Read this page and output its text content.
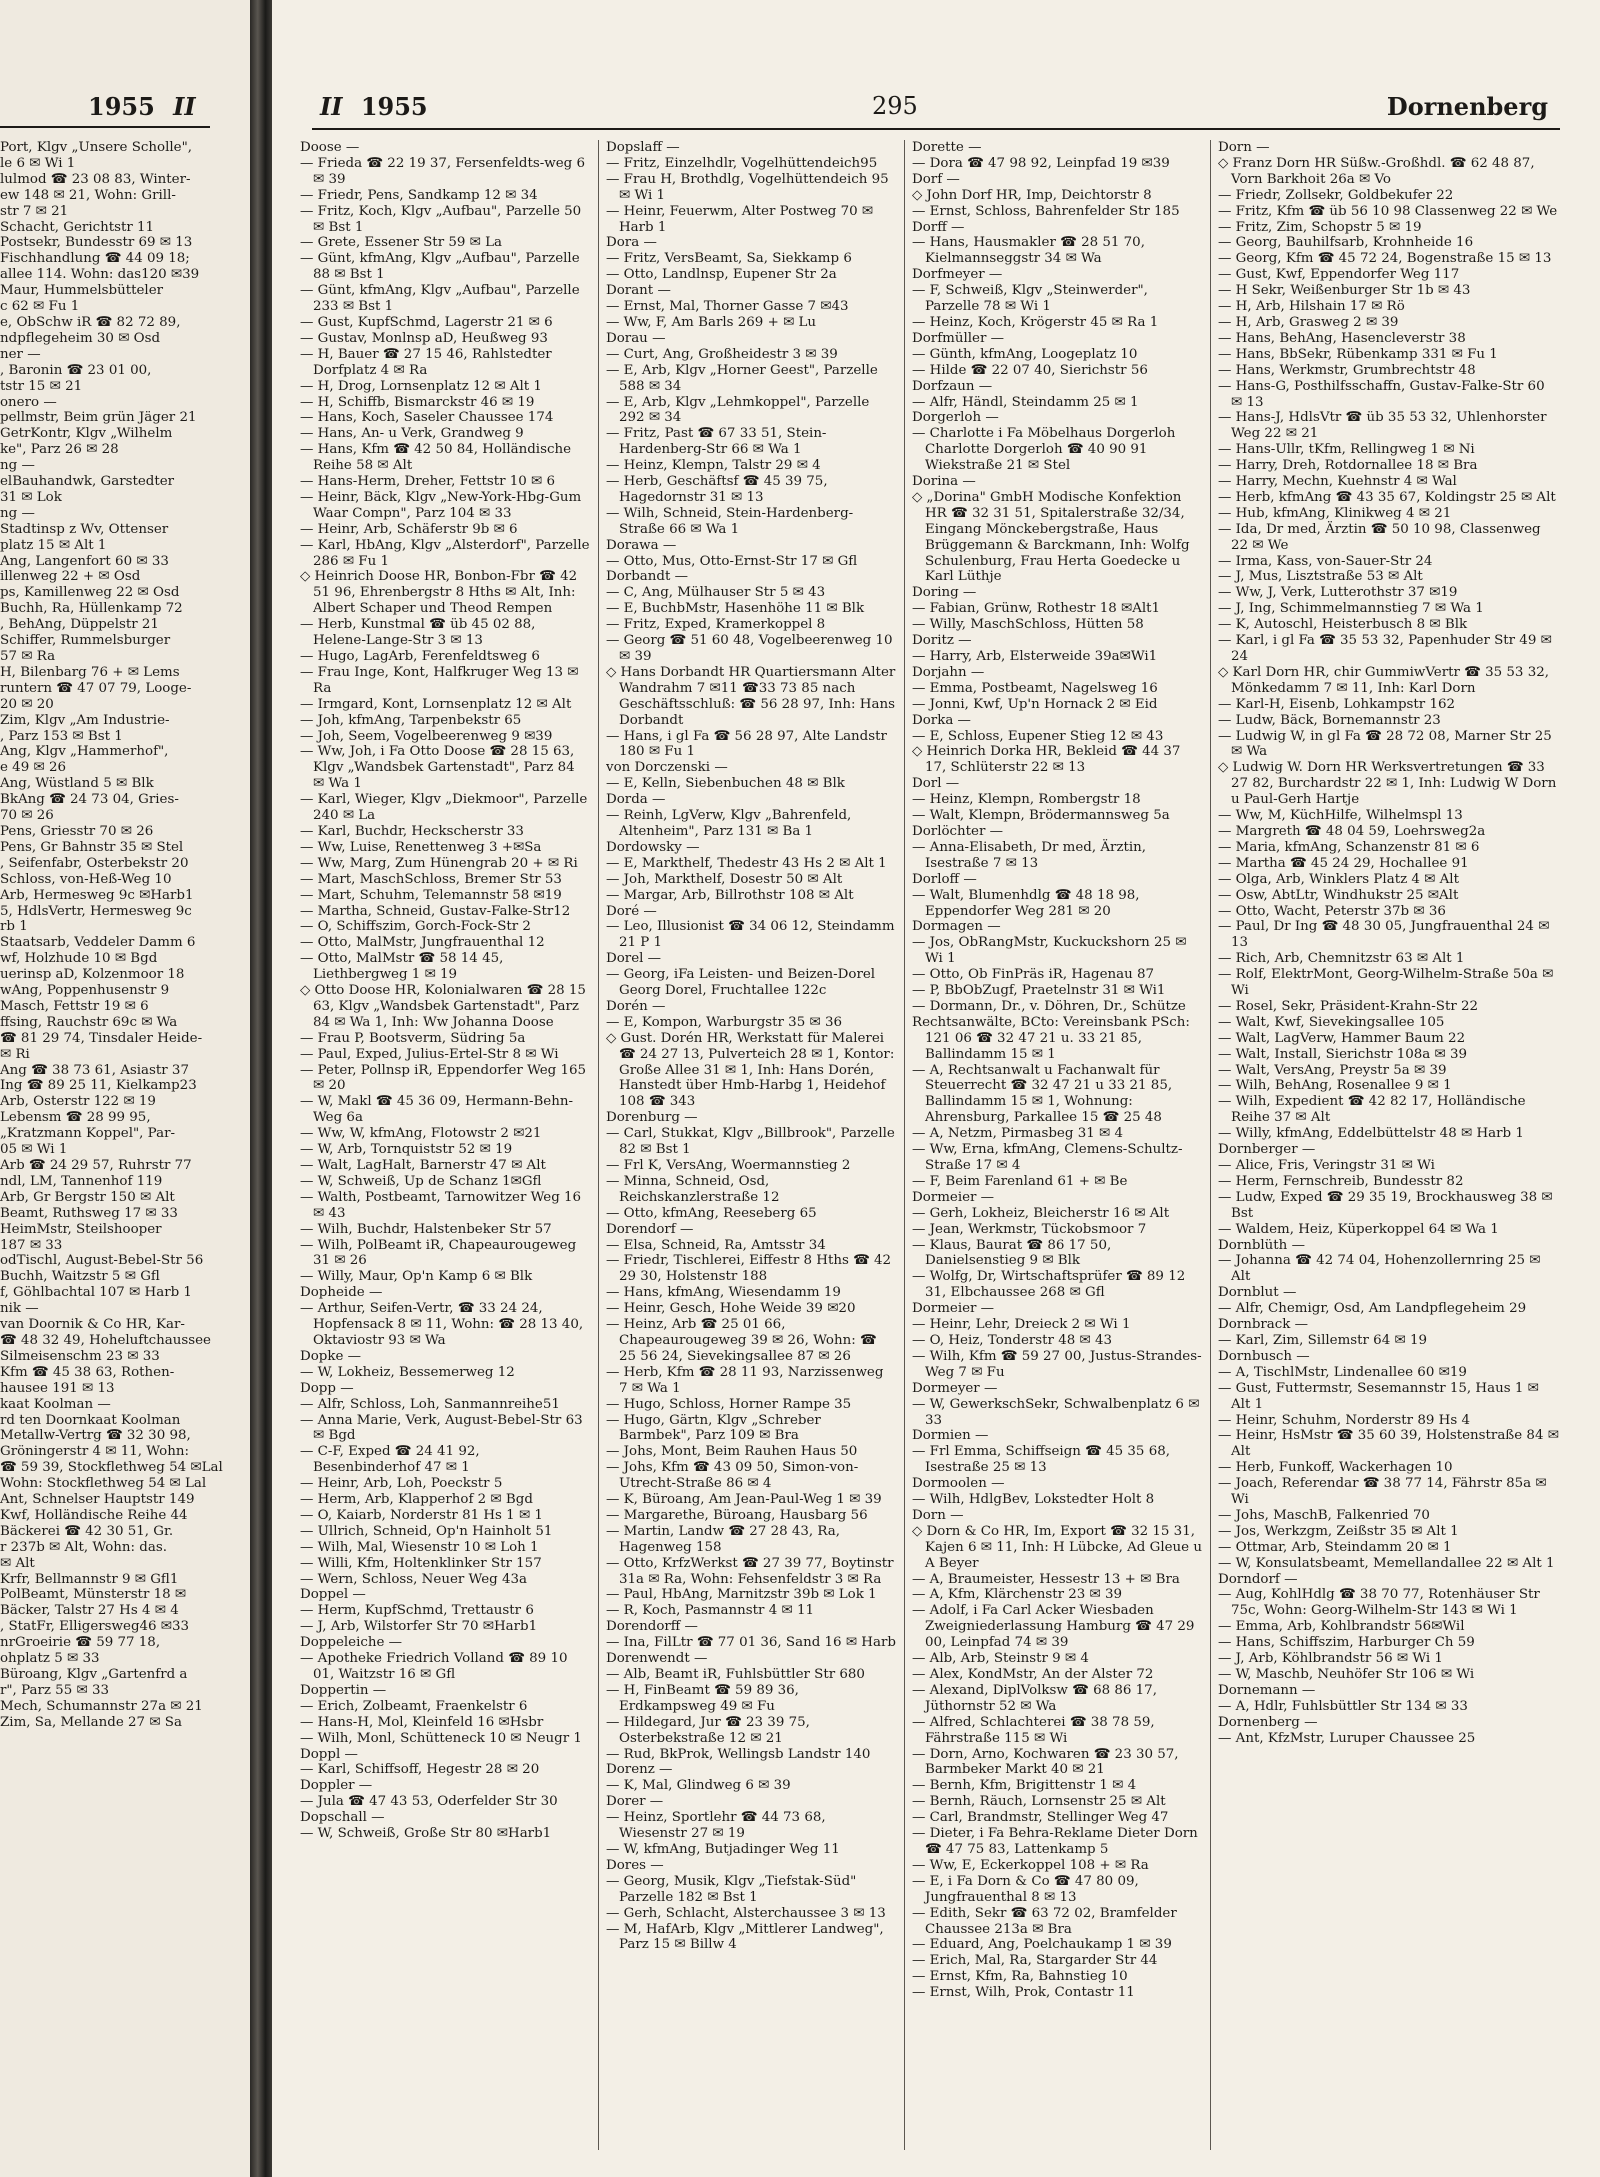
1955 II
Port, Klgv „Unsere Scholle",
le 6 ✉ Wi 1
lulmod ☎ 23 08 83, Winter-
ew 148 ✉ 21, Wohn: Grill-
str 7 ✉ 21
Schacht, Gerichtstr 11
Postsekr, Bundesstr 69 ✉ 13
Fischhandlung ☎ 44 09 18;
allee 114. Wohn: das120 ✉39
Maur, Hummelsbütteler
c 62 ✉ Fu 1
e, ObSchw iR ☎ 82 72 89,
ndpflegeheim 30 ✉ Osd
ner —
, Baronin ☎ 23 01 00,
tstr 15 ✉ 21
onero —
pellmstr, Beim grün Jäger 21
GetrKontr, Klgv „Wilhelm
ke", Parz 26 ✉ 28
ng —
elBauhandwk, Garstedter
31 ✉ Lok
ng —
Stadtinsp z Wv, Ottenser
platz 15 ✉ Alt 1
Ang, Langenfort 60 ✉ 33
illenweg 22 + ✉ Osd
ps, Kamillenweg 22 ✉ Osd
Buchh, Ra, Hüllenkamp 72
, BehAng, Düppelstr 21
Schiffer, Rummelsburger
57 ✉ Ra
H, Bilenbarg 76 + ✉ Lems
runtern ☎ 47 07 79, Looge-
20 ✉ 20
Zim, Klgv „Am Industrie-
, Parz 153 ✉ Bst 1
Ang, Klgv „Hammerhof",
e 49 ✉ 26
Ang, Wüstland 5 ✉ Blk
BkAng ☎ 24 73 04, Gries-
70 ✉ 26
Pens, Griesstr 70 ✉ 26
Pens, Gr Bahnstr 35 ✉ Stel
, Seifenfabr, Osterbekstr 20
Schloss, von-Heß-Weg 10
Arb, Hermesweg 9c ✉Harb1
5, HdlsVertr, Hermesweg 9c
rb 1
Staatsarb, Veddeler Damm 6
wf, Holzhude 10 ✉ Bgd
uerinsp aD, Kolzenmoor 18
wAng, Poppenhusenstr 9
Masch, Fettstr 19 ✉ 6
ffsing, Rauchstr 69c ✉ Wa
☎ 81 29 74, Tinsdaler Heide-
✉ Ri
Ang ☎ 38 73 61, Asiastr 37
Ing ☎ 89 25 11, Kielkamp23
Arb, Osterstr 122 ✉ 19
Lebensm ☎ 28 99 95,
„Kratzmann Koppel", Par-
05 ✉ Wi 1
Arb ☎ 24 29 57, Ruhrstr 77
ndl, LM, Tannenhof 119
Arb, Gr Bergstr 150 ✉ Alt
Beamt, Ruthsweg 17 ✉ 33
HeimMstr, Steilshooper
187 ✉ 33
odTischl, August-Bebel-Str 56
Buchh, Waitzstr 5 ✉ Gfl
f, Göhlbachtal 107 ✉ Harb 1
nik —
van Doornik & Co HR, Kar-
☎ 48 32 49, Hoheluftchaussee
Silmeisenschm 23 ✉ 33
Kfm ☎ 45 38 63, Rothen-
hausee 191 ✉ 13
kaat Koolman —
rd ten Doornkaat Koolman
Metallw-Vertrg ☎ 32 30 98,
Gröningerstr 4 ✉ 11, Wohn:
☎ 59 39, Stockflethweg 54 ✉Lal
Wohn: Stockflethweg 54 ✉ Lal
Ant, Schnelser Hauptstr 149
Kwf, Holländische Reihe 44
Bäckerei ☎ 42 30 51, Gr.
r 237b ✉ Alt, Wohn: das.
✉ Alt
Krfr, Bellmannstr 9 ✉ Gfl1
PolBeamt, Münsterstr 18 ✉
Bäcker, Talstr 27 Hs 4 ✉ 4
, StatFr, Elligersweg46 ✉33
nrGroeirie ☎ 59 77 18,
ohplatz 5 ✉ 33
Büroang, Klgv „Gartenfrd a
r", Parz 55 ✉ 33
Mech, Schumannstr 27a ✉ 21
Zim, Sa, Mellande 27 ✉ Sa
II 1955	295	Dornenberg
Doose —
— Frieda ☎ 22 19 37, Fersenfeldts-weg 6 ✉ 39
— Friedr, Pens, Sandkamp 12 ✉ 34
— Fritz, Koch, Klgv „Aufbau", Parzelle 50 ✉ Bst 1
— Grete, Essener Str 59 ✉ La
— Günt, kfmAng, Klgv „Aufbau", Parzelle 88 ✉ Bst 1
— Günt, kfmAng, Klgv „Aufbau", Parzelle 233 ✉ Bst 1
— Gust, KupfSchmd, Lagerstr 21 ✉ 6
— Gustav, Monlnsp aD, Heußweg 93
— H, Bauer ☎ 27 15 46, Rahlstedter Dorfplatz 4 ✉ Ra
— H, Drog, Lornsenplatz 12 ✉ Alt 1
— H, Schiffb, Bismarckstr 46 ✉ 19
— Hans, Koch, Saseler Chaussee 174
— Hans, An- u Verk, Grandweg 9
— Hans, Kfm ☎ 42 50 84, Holländische Reihe 58 ✉ Alt
— Hans-Herm, Dreher, Fettstr 10 ✉ 6
— Heinr, Bäck, Klgv „New-York-Hbg-Gum Waar Compn", Parz 104 ✉ 33
— Heinr, Arb, Schäferstr 9b ✉ 6
— Karl, HbAng, Klgv „Alsterdorf", Parzelle 286 ✉ Fu 1
◇ Heinrich Doose HR, Bonbon-Fbr ☎ 42 51 96, Ehrenbergstr 8 Hths ✉ Alt, Inh: Albert Schaper und Theod Rempen
— Herb, Kunstmal ☎ üb 45 02 88, Helene-Lange-Str 3 ✉ 13
— Hugo, LagArb, Ferenfeldtsweg 6
— Frau Inge, Kont, Halfkruger Weg 13 ✉ Ra
— Irmgard, Kont, Lornsenplatz 12 ✉ Alt
— Joh, kfmAng, Tarpenbekstr 65
— Joh, Seem, Vogelbeerenweg 9 ✉39
— Ww, Joh, i Fa Otto Doose ☎ 28 15 63, Klgv „Wandsbek Gartenstadt", Parz 84 ✉ Wa 1
— Karl, Wieger, Klgv „Diekmoor", Parzelle 240 ✉ La
— Karl, Buchdr, Heckscherstr 33
— Ww, Luise, Renettenweg 3 +✉Sa
— Ww, Marg, Zum Hünengrab 20 + ✉ Ri
— Mart, MaschSchloss, Bremer Str 53
— Mart, Schuhm, Telemannstr 58 ✉19
— Martha, Schneid, Gustav-Falke-Str12
— O, Schiffszim, Gorch-Fock-Str 2
— Otto, MalMstr, Jungfrauenthal 12
— Otto, MalMstr ☎ 58 14 45, Liethbergweg 1 ✉ 19
◇ Otto Doose HR, Kolonialwaren ☎ 28 15 63, Klgv „Wandsbek Gartenstadt", Parz 84 ✉ Wa 1, Inh: Ww Johanna Doose
— Frau P, Bootsverm, Südring 5a
— Paul, Exped, Julius-Ertel-Str 8 ✉ Wi
— Peter, Pollnsp iR, Eppendorfer Weg 165 ✉ 20
— W, Makl ☎ 45 36 09, Hermann-Behn-Weg 6a
— Ww, W, kfmAng, Flotowstr 2 ✉21
— W, Arb, Tornquiststr 52 ✉ 19
— Walt, LagHalt, Barnerstr 47 ✉ Alt
— W, Schweiß, Up de Schanz 1✉Gfl
— Walth, Postbeamt, Tarnowitzer Weg 16 ✉ 43
— Wilh, Buchdr, Halstenbeker Str 57
— Wilh, PolBeamt iR, Chapeaurougeweg 31 ✉ 26
— Willy, Maur, Op'n Kamp 6 ✉ Blk
Dopheide —
— Arthur, Seifen-Vertr, ☎ 33 24 24, Hopfensack 8 ✉ 11, Wohn: ☎ 28 13 40, Oktaviostr 93 ✉ Wa
Dopke —
— W, Lokheiz, Bessemerweg 12
Dopp —
— Alfr, Schloss, Loh, Sanmannreihe51
— Anna Marie, Verk, August-Bebel-Str 63 ✉ Bgd
— C-F, Exped ☎ 24 41 92, Besenbinderhof 47 ✉ 1
— Heinr, Arb, Loh, Poeckstr 5
— Herm, Arb, Klapperhof 2 ✉ Bgd
— O, Kaiarb, Norderstr 81 Hs 1 ✉ 1
— Ullrich, Schneid, Op'n Hainholt 51
— Wilh, Mal, Wiesenstr 10 ✉ Loh 1
— Willi, Kfm, Holtenklinker Str 157
— Wern, Schloss, Neuer Weg 43a
Doppel —
— Herm, KupfSchmd, Trettaustr 6
— J, Arb, Wilstorfer Str 70 ✉Harb1
Doppeleiche —
— Apotheke Friedrich Volland ☎ 89 10 01, Waitzstr 16 ✉ Gfl
Doppertin —
— Erich, Zolbeamt, Fraenkelstr 6
— Hans-H, Mol, Kleinfeld 16 ✉Hsbr
— Wilh, Monl, Schütteneck 10 ✉ Neugr 1
Doppl —
— Karl, Schiffsoff, Hegestr 28 ✉ 20
Doppler —
— Jula ☎ 47 43 53, Oderfelder Str 30
Dopschall —
— W, Schweiß, Große Str 80 ✉Harb1
Dopslaff —
— Fritz, Einzelhdlr, Vogelhüttendeich95
— Frau H, Brothdlg, Vogelhüttendeich 95 ✉ Wi 1
— Heinr, Feuerwm, Alter Postweg 70 ✉ Harb 1
Dora —
— Fritz, VersBeamt, Sa, Siekkamp 6
— Otto, Landlnsp, Eupener Str 2a
Dorant —
— Ernst, Mal, Thorner Gasse 7 ✉43
— Ww, F, Am Barls 269 + ✉ Lu
Dorau —
— Curt, Ang, Großheidestr 3 ✉ 39
— E, Arb, Klgv „Horner Geest", Parzelle 588 ✉ 34
— E, Arb, Klgv „Lehmkoppel", Parzelle 292 ✉ 34
— Fritz, Past ☎ 67 33 51, Stein-Hardenberg-Str 66 ✉ Wa 1
— Heinz, Klempn, Talstr 29 ✉ 4
— Herb, Geschäftsf ☎ 45 39 75, Hagedornstr 31 ✉ 13
— Wilh, Schneid, Stein-Hardenberg-Straße 66 ✉ Wa 1
Dorawa —
— Otto, Mus, Otto-Ernst-Str 17 ✉ Gfl
Dorbandt —
— C, Ang, Mülhauser Str 5 ✉ 43
— E, BuchbMstr, Hasenhöhe 11 ✉ Blk
— Fritz, Exped, Kramerkoppel 8
— Georg ☎ 51 60 48, Vogelbeerenweg 10 ✉ 39
◇ Hans Dorbandt HR Quartiersmann Alter Wandrahm 7 ✉11 ☎33 73 85 nach Geschäftsschluß: ☎ 56 28 97, Inh: Hans Dorbandt
— Hans, i gl Fa ☎ 56 28 97, Alte Landstr 180 ✉ Fu 1
von Dorczenski —
— E, Kelln, Siebenbuchen 48 ✉ Blk
Dorda —
— Reinh, LgVerw, Klgv „Bahrenfeld, Altenheim", Parz 131 ✉ Ba 1
Dordowsky —
— E, Markthelf, Thedestr 43 Hs 2 ✉ Alt 1
— Joh, Markthelf, Dosestr 50 ✉ Alt
— Margar, Arb, Billrothstr 108 ✉ Alt
Doré —
— Leo, Illusionist ☎ 34 06 12, Steindamm 21 P 1
Dorel —
— Georg, iFa Leisten- und Beizen-Dorel Georg Dorel, Fruchtallee 122c
Dorén —
— E, Kompon, Warburgstr 35 ✉ 36
◇ Gust. Dorén HR, Werkstatt für Malerei ☎ 24 27 13, Pulverteich 28 ✉ 1, Kontor: Große Allee 31 ✉ 1, Inh: Hans Dorén, Hanstedt über Hmb-Harbg 1, Heidehof 108 ☎ 343
Dorenburg —
— Carl, Stukkat, Klgv „Billbrook", Parzelle 82 ✉ Bst 1
— Frl K, VersAng, Woermannstieg 2
— Minna, Schneid, Osd, Reichskanzlerstraße 12
— Otto, kfmAng, Reeseberg 65
Dorendorf —
— Elsa, Schneid, Ra, Amtsstr 34
— Friedr, Tischlerei, Eiffestr 8 Hths ☎ 42 29 30, Holstenstr 188
— Hans, kfmAng, Wiesendamm 19
— Heinr, Gesch, Hohe Weide 39 ✉20
— Heinz, Arb ☎ 25 01 66, Chapeaurougeweg 39 ✉ 26, Wohn: ☎ 25 56 24, Sievekingsallee 87 ✉ 26
— Herb, Kfm ☎ 28 11 93, Narzissenweg 7 ✉ Wa 1
— Hugo, Schloss, Horner Rampe 35
— Hugo, Gärtn, Klgv „Schreber Barmbek", Parz 109 ✉ Bra
— Johs, Mont, Beim Rauhen Haus 50
— Johs, Kfm ☎ 43 09 50, Simon-von-Utrecht-Straße 86 ✉ 4
— K, Büroang, Am Jean-Paul-Weg 1 ✉ 39
— Margarethe, Büroang, Hausbarg 56
— Martin, Landw ☎ 27 28 43, Ra, Hagenweg 158
— Otto, KrfzWerkst ☎ 27 39 77, Boytinstr 31a ✉ Ra, Wohn: Fehsenfeldstr 3 ✉ Ra
— Paul, HbAng, Marnitzstr 39b ✉ Lok 1
— R, Koch, Pasmannstr 4 ✉ 11
Dorendorff —
— Ina, FilLtr ☎ 77 01 36, Sand 16 ✉ Harb
Dorenwendt —
— Alb, Beamt iR, Fuhlsbüttler Str 680
— H, FinBeamt ☎ 59 89 36, Erdkampsweg 49 ✉ Fu
— Hildegard, Jur ☎ 23 39 75, Osterbekstraße 12 ✉ 21
— Rud, BkProk, Wellingsb Landstr 140
Dorenz —
— K, Mal, Glindweg 6 ✉ 39
Dorer —
— Heinz, Sportlehr ☎ 44 73 68, Wiesenstr 27 ✉ 19
— W, kfmAng, Butjadinger Weg 11
Dores —
— Georg, Musik, Klgv „Tiefstak-Süd" Parzelle 182 ✉ Bst 1
— Gerh, Schlacht, Alsterchaussee 3 ✉ 13
— M, HafArb, Klgv „Mittlerer Landweg", Parz 15 ✉ Billw 4
Dorette —
— Dora ☎ 47 98 92, Leinpfad 19 ✉39
Dorf —
◇ John Dorf HR, Imp, Deichtorstr 8
— Ernst, Schloss, Bahrenfelder Str 185
Dorff —
— Hans, Hausmakler ☎ 28 51 70, Kielmannseggstr 34 ✉ Wa
Dorfmeyer —
— F, Schweiß, Klgv „Steinwerder", Parzelle 78 ✉ Wi 1
— Heinz, Koch, Krögerstr 45 ✉ Ra 1
Dorfmüller —
— Günth, kfmAng, Loogeplatz 10
— Hilde ☎ 22 07 40, Sierichstr 56
Dorfzaun —
— Alfr, Händl, Steindamm 25 ✉ 1
Dorgerloh —
— Charlotte i Fa Möbelhaus Dorgerloh Charlotte Dorgerloh ☎ 40 90 91 Wiekstraße 21 ✉ Stel
Dorina —
◇ „Dorina" GmbH Modische Konfektion HR ☎ 32 31 51, Spitalerstraße 32/34, Eingang Mönckebergstraße, Haus Brüggemann & Barckmann, Inh: Wolfg Schulenburg, Frau Herta Goedecke u Karl Lüthje
Doring —
— Fabian, Grünw, Rothestr 18 ✉Alt1
— Willy, MaschSchloss, Hütten 58
Doritz —
— Harry, Arb, Elsterweide 39a✉Wi1
Dorjahn —
— Emma, Postbeamt, Nagelsweg 16
— Jonni, Kwf, Up'n Hornack 2 ✉ Eid
Dorka —
— E, Schloss, Eupener Stieg 12 ✉ 43
◇ Heinrich Dorka HR, Bekleid ☎ 44 37 17, Schlüterstr 22 ✉ 13
Dorl —
— Heinz, Klempn, Rombergstr 18
— Walt, Klempn, Brödermannsweg 5a
Dorlöchter —
— Anna-Elisabeth, Dr med, Ärztin, Isestraße 7 ✉ 13
Dorloff —
— Walt, Blumenhdlg ☎ 48 18 98, Eppendorfer Weg 281 ✉ 20
Dormagen —
— Jos, ObRangMstr, Kuckuckshorn 25 ✉ Wi 1
— Otto, Ob FinPräs iR, Hagenau 87
— P, BbObZugf, Praetelnstr 31 ✉ Wi1
— Dormann, Dr., v. Döhren, Dr., Schütze
Rechtsanwälte, BCto: Vereinsbank PSch: 121 06 ☎ 32 47 21 u. 33 21 85, Ballindamm 15 ✉ 1
— A, Rechtsanwalt u Fachanwalt für Steuerrecht ☎ 32 47 21 u 33 21 85, Ballindamm 15 ✉ 1, Wohnung: Ahrensburg, Parkallee 15 ☎ 25 48
— A, Netzm, Pirmasbeg 31 ✉ 4
— Ww, Erna, kfmAng, Clemens-Schultz-Straße 17 ✉ 4
— F, Beim Farenland 61 + ✉ Be
Dormeier —
— Gerh, Lokheiz, Bleicherstr 16 ✉ Alt
— Jean, Werkmstr, Tückobsmoor 7
— Klaus, Baurat ☎ 86 17 50, Danielsenstieg 9 ✉ Blk
— Wolfg, Dr, Wirtschaftsprüfer ☎ 89 12 31, Elbchaussee 268 ✉ Gfl
Dormeier —
— Heinr, Lehr, Dreieck 2 ✉ Wi 1
— O, Heiz, Tonderstr 48 ✉ 43
— Wilh, Kfm ☎ 59 27 00, Justus-Strandes-Weg 7 ✉ Fu
Dormeyer —
— W, GewerkschSekr, Schwalbenplatz 6 ✉ 33
Dormien —
— Frl Emma, Schiffseign ☎ 45 35 68, Isestraße 25 ✉ 13
Dormoolen —
— Wilh, HdlgBev, Lokstedter Holt 8
Dorn —
◇ Dorn & Co HR, Im, Export ☎ 32 15 31, Kajen 6 ✉ 11, Inh: H Lübcke, Ad Gleue u A Beyer
— A, Braumeister, Hessestr 13 + ✉ Bra
— A, Kfm, Klärchenstr 23 ✉ 39
— Adolf, i Fa Carl Acker Wiesbaden Zweigniederlassung Hamburg ☎ 47 29 00, Leinpfad 74 ✉ 39
— Alb, Arb, Steinstr 9 ✉ 4
— Alex, KondMstr, An der Alster 72
— Alexand, DiplVolksw ☎ 68 86 17, Jüthornstr 52 ✉ Wa
— Alfred, Schlachterei ☎ 38 78 59, Fährstraße 115 ✉ Wi
— Dorn, Arno, Kochwaren ☎ 23 30 57, Barmbeker Markt 40 ✉ 21
— Bernh, Kfm, Brigittenstr 1 ✉ 4
— Bernh, Räuch, Lornsenstr 25 ✉ Alt
— Carl, Brandmstr, Stellinger Weg 47
— Dieter, i Fa Behra-Reklame Dieter Dorn ☎ 47 75 83, Lattenkamp 5
— Ww, E, Eckerkoppel 108 + ✉ Ra
— E, i Fa Dorn & Co ☎ 47 80 09, Jungfrauenthal 8 ✉ 13
— Edith, Sekr ☎ 63 72 02, Bramfelder Chaussee 213a ✉ Bra
— Eduard, Ang, Poelchaukamp 1 ✉ 39
— Erich, Mal, Ra, Stargarder Str 44
— Ernst, Kfm, Ra, Bahnstieg 10
— Ernst, Wilh, Prok, Contastr 11
Dorn —
◇ Franz Dorn HR Süßw.-Großhdl. ☎ 62 48 87, Vorn Barkhoit 26a ✉ Vo
— Friedr, Zollsekr, Goldbekufer 22
— Fritz, Kfm ☎ üb 56 10 98 Classenweg 22 ✉ We
— Fritz, Zim, Schopstr 5 ✉ 19
— Georg, Bauhilfsarb, Krohnheide 16
— Georg, Kfm ☎ 45 72 24, Bogenstraße 15 ✉ 13
— Gust, Kwf, Eppendorfer Weg 117
— H Sekr, Weißenburger Str 1b ✉ 43
— H, Arb, Hilshain 17 ✉ Rö
— H, Arb, Grasweg 2 ✉ 39
— Hans, BehAng, Hasencleverstr 38
— Hans, BbSekr, Rübenkamp 331 ✉ Fu 1
— Hans, Werkmstr, Grumbrechtstr 48
— Hans-G, Posthilfsschaffn, Gustav-Falke-Str 60 ✉ 13
— Hans-J, HdlsVtr ☎ üb 35 53 32, Uhlenhorster Weg 22 ✉ 21
— Hans-Ullr, tKfm, Rellingweg 1 ✉ Ni
— Harry, Dreh, Rotdornallee 18 ✉ Bra
— Harry, Mechn, Kuehnstr 4 ✉ Wal
— Herb, kfmAng ☎ 43 35 67, Koldingstr 25 ✉ Alt
— Hub, kfmAng, Klinikweg 4 ✉ 21
— Ida, Dr med, Ärztin ☎ 50 10 98, Classenweg 22 ✉ We
— Irma, Kass, von-Sauer-Str 24
— J, Mus, Lisztstraße 53 ✉ Alt
— Ww, J, Verk, Lutterothstr 37 ✉19
— J, Ing, Schimmelmannstieg 7 ✉ Wa 1
— K, Autoschl, Heisterbusch 8 ✉ Blk
— Karl, i gl Fa ☎ 35 53 32, Papenhuder Str 49 ✉ 24
◇ Karl Dorn HR, chir GummiwVertr ☎ 35 53 32, Mönkedamm 7 ✉ 11, Inh: Karl Dorn
— Karl-H, Eisenb, Lohkampstr 162
— Ludw, Bäck, Bornemannstr 23
— Ludwig W, in gl Fa ☎ 28 72 08, Marner Str 25 ✉ Wa
◇ Ludwig W. Dorn HR Werksvertretungen ☎ 33 27 82, Burchardstr 22 ✉ 1, Inh: Ludwig W Dorn u Paul-Gerh Hartje
— Ww, M, KüchHilfe, Wilhelmspl 13
— Margreth ☎ 48 04 59, Loehrsweg2a
— Maria, kfmAng, Schanzenstr 81 ✉ 6
— Martha ☎ 45 24 29, Hochallee 91
— Olga, Arb, Winklers Platz 4 ✉ Alt
— Osw, AbtLtr, Windhukstr 25 ✉Alt
— Otto, Wacht, Peterstr 37b ✉ 36
— Paul, Dr Ing ☎ 48 30 05, Jungfrauenthal 24 ✉ 13
— Rich, Arb, Chemnitzstr 63 ✉ Alt 1
— Rolf, ElektrMont, Georg-Wilhelm-Straße 50a ✉ Wi
— Rosel, Sekr, Präsident-Krahn-Str 22
— Walt, Kwf, Sievekingsallee 105
— Walt, LagVerw, Hammer Baum 22
— Walt, Install, Sierichstr 108a ✉ 39
— Walt, VersAng, Preystr 5a ✉ 39
— Wilh, BehAng, Rosenallee 9 ✉ 1
— Wilh, Expedient ☎ 42 82 17, Holländische Reihe 37 ✉ Alt
— Willy, kfmAng, Eddelbüttelstr 48 ✉ Harb 1
Dornberger —
— Alice, Fris, Veringstr 31 ✉ Wi
— Herm, Fernschreib, Bundesstr 82
— Ludw, Exped ☎ 29 35 19, Brockhausweg 38 ✉ Bst
— Waldem, Heiz, Küperkoppel 64 ✉ Wa 1
Dornblüth —
— Johanna ☎ 42 74 04, Hohenzollernring 25 ✉ Alt
Dornblut —
— Alfr, Chemigr, Osd, Am Landpflegeheim 29
Dornbrack —
— Karl, Zim, Sillemstr 64 ✉ 19
Dornbusch —
— A, TischlMstr, Lindenallee 60 ✉19
— Gust, Futtermstr, Sesemannstr 15, Haus 1 ✉ Alt 1
— Heinr, Schuhm, Norderstr 89 Hs 4
— Heinr, HsMstr ☎ 35 60 39, Holstenstraße 84 ✉ Alt
— Herb, Funkoff, Wackerhagen 10
— Joach, Referendar ☎ 38 77 14, Fährstr 85a ✉ Wi
— Johs, MaschB, Falkenried 70
— Jos, Werkzgm, Zeißstr 35 ✉ Alt 1
— Ottmar, Arb, Steindamm 20 ✉ 1
— W, Konsulatsbeamt, Memellandallee 22 ✉ Alt 1
Dorndorf —
— Aug, KohlHdlg ☎ 38 70 77, Rotenhäuser Str 75c, Wohn: Georg-Wilhelm-Str 143 ✉ Wi 1
— Emma, Arb, Kohlbrandstr 56✉Wil
— Hans, Schiffszim, Harburger Ch 59
— J, Arb, Köhlbrandstr 56 ✉ Wi 1
— W, Maschb, Neuhöfer Str 106 ✉ Wi
Dornemann —
— A, Hdlr, Fuhlsbüttler Str 134 ✉ 33
Dornenberg —
— Ant, KfzMstr, Luruper Chaussee 25
